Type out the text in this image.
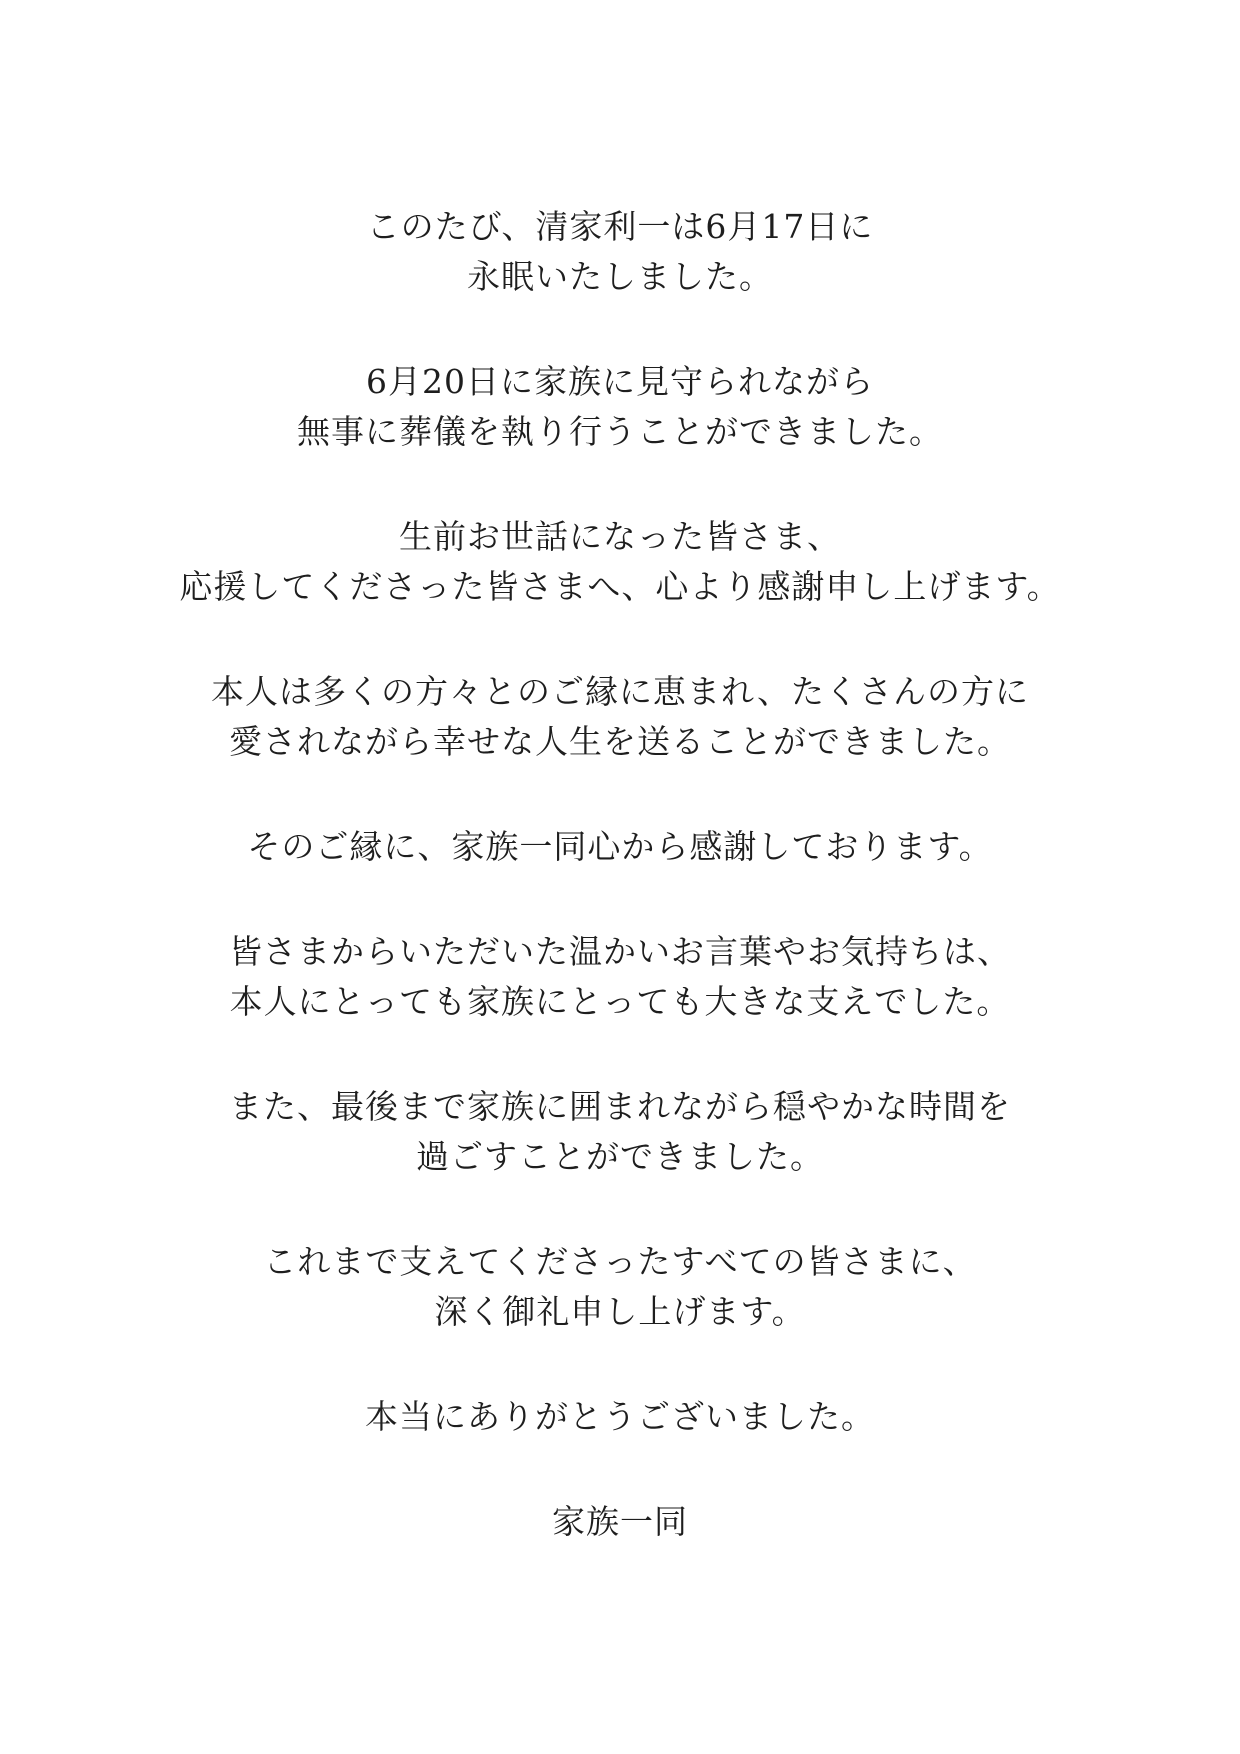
このたび、清家利一は6月17日に
永眠いたしました。

6月20日に家族に見守られながら
無事に葬儀を執り行うことができました。

生前お世話になった皆さま、
応援してくださった皆さまへ、心より感謝申し上げます。

本人は多くの方々とのご縁に恵まれ、たくさんの方に
愛されながら幸せな人生を送ることができました。

そのご縁に、家族一同心から感謝しております。

皆さまからいただいた温かいお言葉やお気持ちは、
本人にとっても家族にとっても大きな支えでした。

また、最後まで家族に囲まれながら穏やかな時間を
過ごすことができました。

これまで支えてくださったすべての皆さまに、
深く御礼申し上げます。

本当にありがとうございました。

家族一同
